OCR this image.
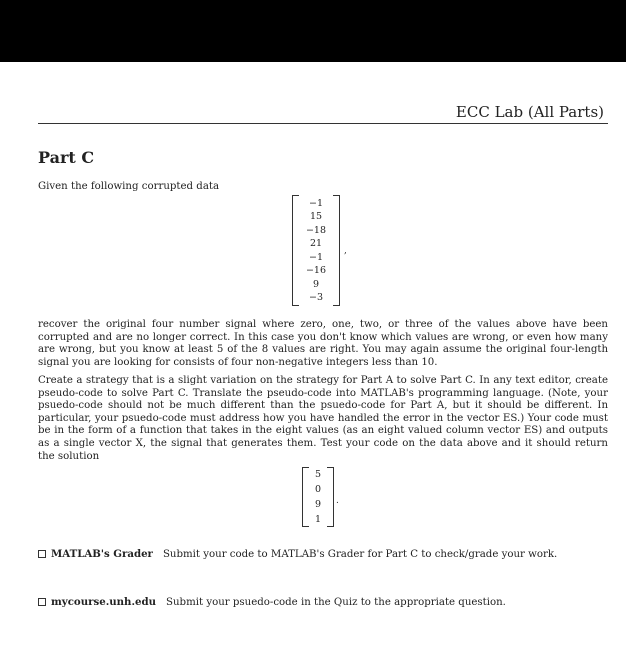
ECC Lab (All Parts)
Part C
Given the following corrupted data
−1
15
−18
21
−1
−16
9
−3
,
recover the original four number signal where zero, one, two, or three of the values above have been corrupted and are no longer correct. In this case you don't know which values are wrong, or even how many are wrong, but you know at least 5 of the 8 values are right. You may again assume the original four-length signal you are looking for consists of four non-negative integers less than 10.
Create a strategy that is a slight variation on the strategy for Part A to solve Part C. In any text editor, create pseudo-code to solve Part C. Translate the pseudo-code into MATLAB's programming language. (Note, your psuedo-code should not be much different than the psuedo-code for Part A, but it should be different. In particular, your psuedo-code must address how you have handled the error in the vector ES.) Your code must be in the form of a function that takes in the eight values (as an eight valued column vector ES) and outputs as a single vector X, the signal that generates them. Test your code on the data above and it should return the solution
5
0
9
1
.
MATLAB's Grader Submit your code to MATLAB's Grader for Part C to check/grade your work.
mycourse.unh.edu Submit your psuedo-code in the Quiz to the appropriate question.
